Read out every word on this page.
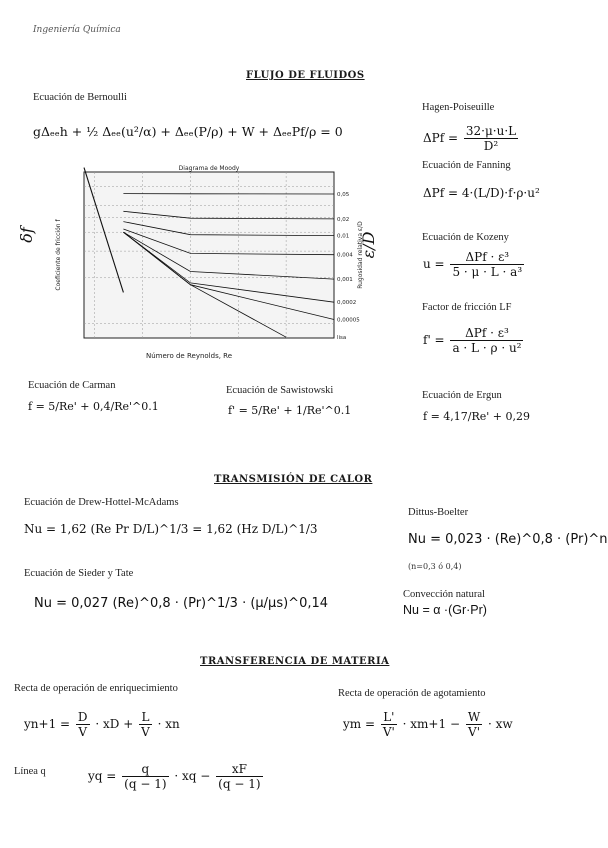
Ingeniería Química
FLUJO DE FLUIDOS
Ecuación de Bernoulli
gΔₑₑh + ½ Δₑₑ(u²/α) + Δₑₑ(P/ρ) + W + ΔₑₑPf/ρ = 0
Hagen-Poiseuille
$\Delta Pf = \frac{32\cdot\mu\cdot u\cdot L}{\text{D²}}$
Ecuación de Fanning
ΔPf = 4·(L/D)·f·ρ·u²
Ecuación de Kozeny
$u = \frac{\text{ΔPf · ε³}}{\text{5 · μ · L · a³}}$
Factor de fricción LF
$f' = \frac{\text{ΔPf · ε³}}{\text{a · L · ρ · u²}}$
0,05
0,02
0,01
0,004
0,001
0,0002
0,00005
lisa
Diagrama de Moody
Número de Reynolds, Re
Coeficiente de fricción f	Rugosidad relativa ε/D
δf	ε/D
Ecuación de Carman
f = 5/Re' + 0,4/Re'^0.1
Ecuación de Sawistowski
f' = 5/Re' + 1/Re'^0.1
Ecuación de Ergun
f = 4,17/Re' + 0,29
TRANSMISIÓN DE CALOR
Ecuación de Drew-Hottel-McAdams
Nu = 1,62 (Re Pr D/L)^1/3 = 1,62 (Hz D/L)^1/3
Dittus-Boelter
Nu = 0,023 · (Re)^0,8 · (Pr)^n
(n=0,3 ó 0,4)
Ecuación de Sieder y Tate
Nu = 0,027 (Re)^0,8 · (Pr)^1/3 · (μ/μs)^0,14
Convección natural
Nu = α ·(Gr·Pr)
TRANSFERENCIA DE MATERIA
Recta de operación de enriquecimiento
$yn+1 = \frac{D}{V}$ · xD + $\frac{L}{V}$ · xn
Recta de operación de agotamiento
ym = $\frac{L'}{V'} \cdot xm+1 - \frac{W}{V'}$ · xw
Línea q	yq = $\frac{q}{(q - 1)}$ · xq − $\frac{xF}{(q - 1)}$
